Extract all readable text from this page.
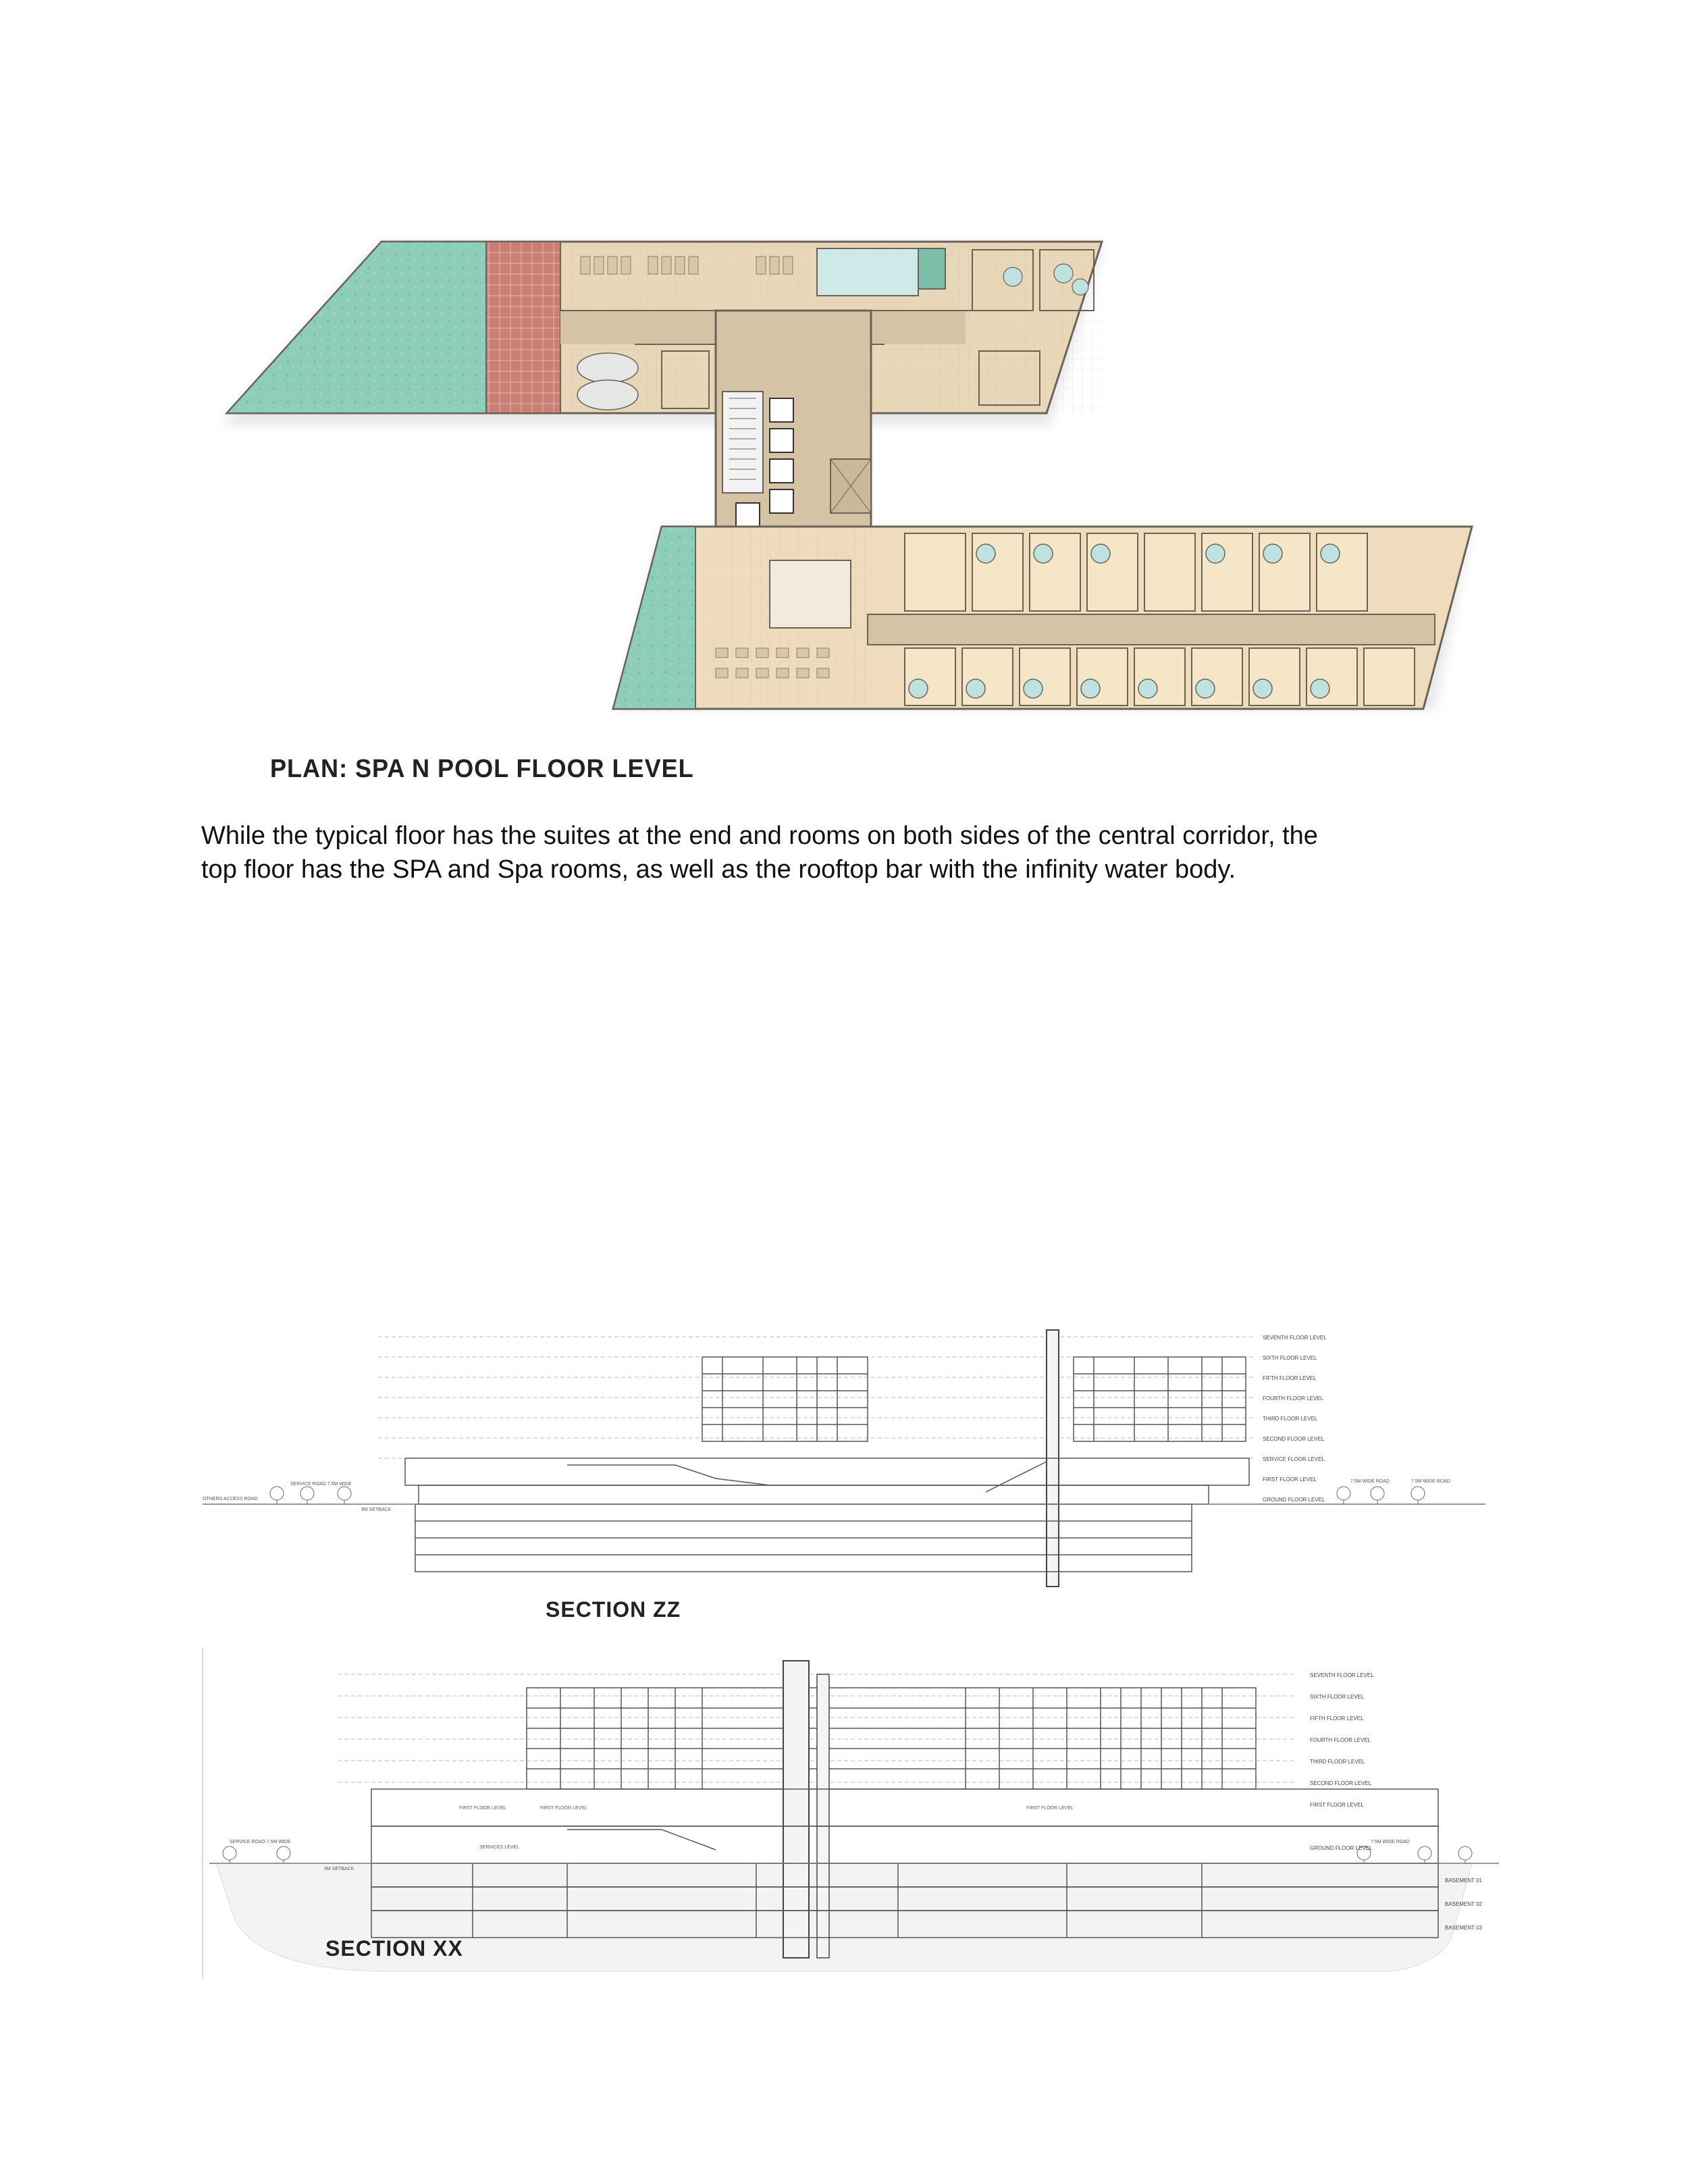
PLAN: SPA N POOL FLOOR LEVEL
While the typical floor has the suites at the end and rooms on both sides of the central corridor, the
top floor has the SPA and Spa rooms, as well as the rooftop bar with the infinity water body.
SEVENTH FLOOR LEVEL
SIXTH FLOOR LEVEL
FIFTH FLOOR LEVEL
FOURTH FLOOR LEVEL
THIRD FLOOR LEVEL
SECOND FLOOR LEVEL
SERVICE FLOOR LEVEL
FIRST FLOOR LEVEL
GROUND FLOOR LEVEL
OTHERS ACCESS ROAD
SERVICE ROAD 7.5M WIDE
9M SETBACK
7.5M WIDE ROAD	7.5M WIDE ROAD
SECTION ZZ
SEVENTH FLOOR LEVEL
SIXTH FLOOR LEVEL
FIFTH FLOOR LEVEL
FOURTH FLOOR LEVEL
THIRD FLOOR LEVEL
SECOND FLOOR LEVEL
FIRST FLOOR LEVEL
GROUND FLOOR LEVEL
BASEMENT 01
BASEMENT 02
BASEMENT 03
FIRST FLOOR LEVEL	FIRST FLOOR LEVEL	FIRST FLOOR LEVEL
SERVICES LEVEL
9M SETBACK
SERVICE ROAD 7.5M WIDE	7.5M WIDE ROAD
SECTION XX
